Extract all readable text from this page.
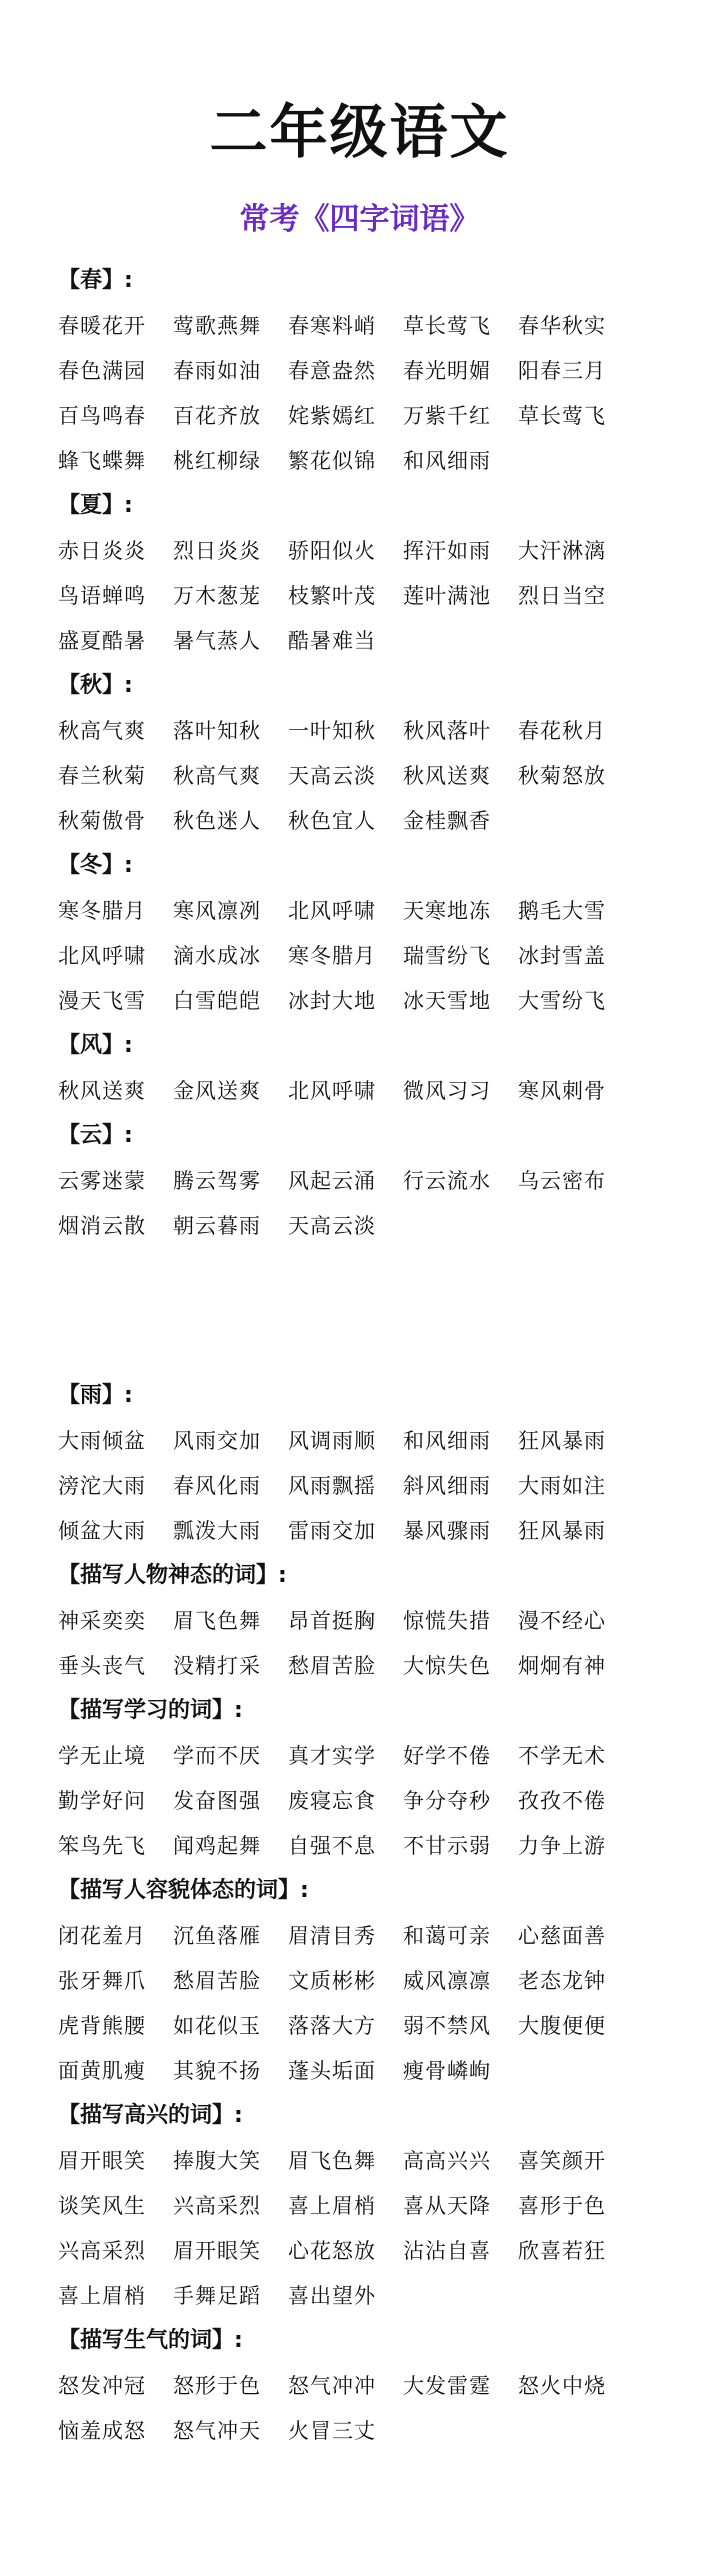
二年级语文
常考《四字词语》
【春】:
春暖花开	莺歌燕舞	春寒料峭	草长莺飞	春华秋实
春色满园	春雨如油	春意盎然	春光明媚	阳春三月
百鸟鸣春	百花齐放	姹紫嫣红	万紫千红	草长莺飞
蜂飞蝶舞	桃红柳绿	繁花似锦	和风细雨
【夏】:
赤日炎炎	烈日炎炎	骄阳似火	挥汗如雨	大汗淋漓
鸟语蝉鸣	万木葱茏	枝繁叶茂	莲叶满池	烈日当空
盛夏酷暑	暑气蒸人	酷暑难当
【秋】:
秋高气爽	落叶知秋	一叶知秋	秋风落叶	春花秋月
春兰秋菊	秋高气爽	天高云淡	秋风送爽	秋菊怒放
秋菊傲骨	秋色迷人	秋色宜人	金桂飘香
【冬】:
寒冬腊月	寒风凛冽	北风呼啸	天寒地冻	鹅毛大雪
北风呼啸	滴水成冰	寒冬腊月	瑞雪纷飞	冰封雪盖
漫天飞雪	白雪皑皑	冰封大地	冰天雪地	大雪纷飞
【风】:
秋风送爽	金风送爽	北风呼啸	微风习习	寒风刺骨
【云】:
云雾迷蒙	腾云驾雾	风起云涌	行云流水	乌云密布
烟消云散	朝云暮雨	天高云淡
【雨】:
大雨倾盆	风雨交加	风调雨顺	和风细雨	狂风暴雨
滂沱大雨	春风化雨	风雨飘摇	斜风细雨	大雨如注
倾盆大雨	瓢泼大雨	雷雨交加	暴风骤雨	狂风暴雨
【描写人物神态的词】:
神采奕奕	眉飞色舞	昂首挺胸	惊慌失措	漫不经心
垂头丧气	没精打采	愁眉苦脸	大惊失色	炯炯有神
【描写学习的词】:
学无止境	学而不厌	真才实学	好学不倦	不学无术
勤学好问	发奋图强	废寝忘食	争分夺秒	孜孜不倦
笨鸟先飞	闻鸡起舞	自强不息	不甘示弱	力争上游
【描写人容貌体态的词】:
闭花羞月	沉鱼落雁	眉清目秀	和蔼可亲	心慈面善
张牙舞爪	愁眉苦脸	文质彬彬	威风凛凛	老态龙钟
虎背熊腰	如花似玉	落落大方	弱不禁风	大腹便便
面黄肌瘦	其貌不扬	蓬头垢面	瘦骨嶙峋
【描写高兴的词】:
眉开眼笑	捧腹大笑	眉飞色舞	高高兴兴	喜笑颜开
谈笑风生	兴高采烈	喜上眉梢	喜从天降	喜形于色
兴高采烈	眉开眼笑	心花怒放	沾沾自喜	欣喜若狂
喜上眉梢	手舞足蹈	喜出望外
【描写生气的词】:
怒发冲冠	怒形于色	怒气冲冲	大发雷霆	怒火中烧
恼羞成怒	怒气冲天	火冒三丈
